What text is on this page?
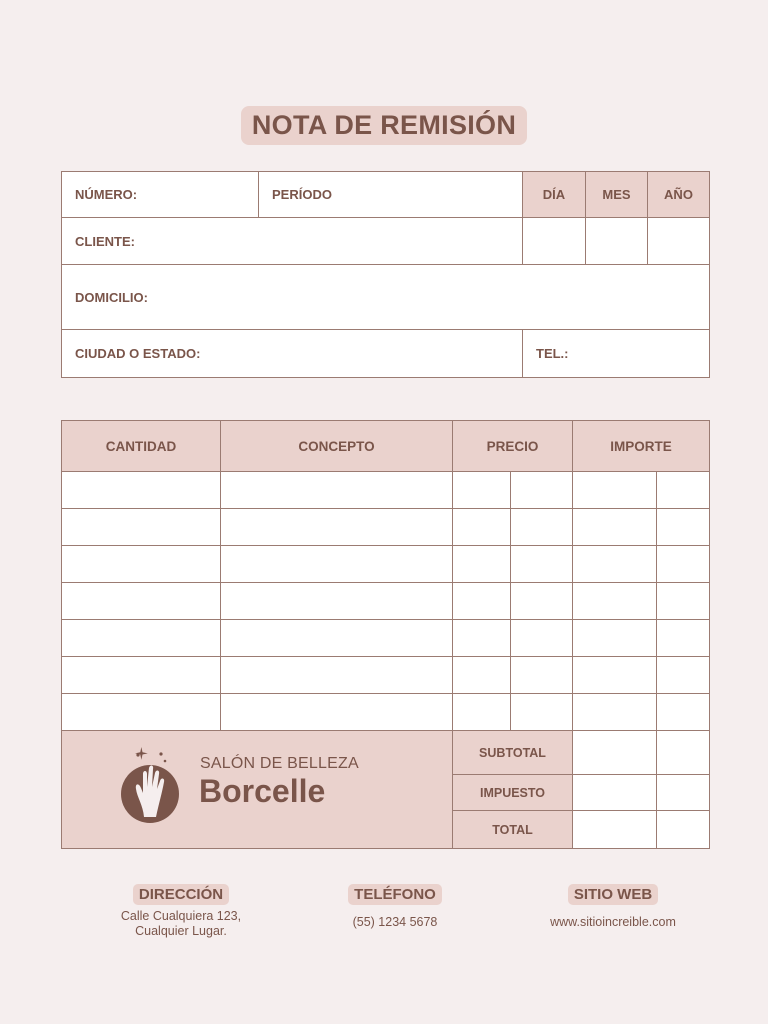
NOTA DE REMISIÓN
NÚMERO:	PERÍODO	DÍA	MES	AÑO
CLIENTE:				
DOMICILIO:				
CIUDAD O ESTADO:		TEL.:		
CANTIDAD	CONCEPTO	PRECIO		IMPORTE	

SALÓN DE BELLEZA
Borcelle		SUBTOTAL			
		IMPUESTO			
		TOTAL			
DIRECCIÓN
Calle Cualquiera 123,
Cualquier Lugar.
TELÉFONO
(55) 1234 5678
SITIO WEB
www.sitioincreible.com
